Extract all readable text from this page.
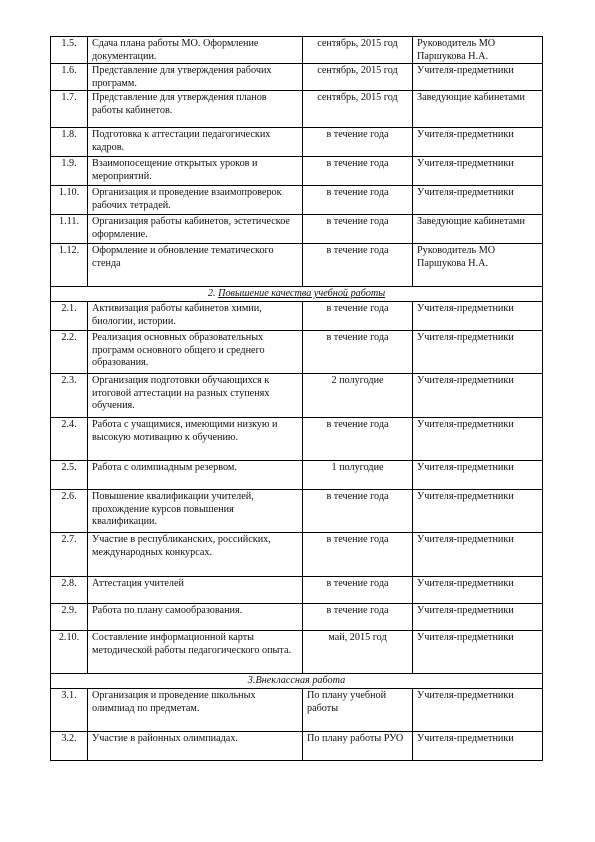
1.5.	Сдача плана работы МО. Оформление документации.	сентябрь, 2015 год	Руководитель МО Паршукова Н.А.
1.6.	Представление для утверждения рабочих программ.	сентябрь, 2015 год	Учителя-предметники
1.7.	Представление для утверждения планов работы кабинетов.	сентябрь, 2015 год	Заведующие кабинетами
1.8.	Подготовка к аттестации педагогических кадров.	в течение года	Учителя-предметники
1.9.	Взаимопосещение открытых уроков и мероприятий.	в течение года	Учителя-предметники
1.10.	Организация и проведение взаимопроверок рабочих тетрадей.	в течение года	Учителя-предметники
1.11.	Организация работы кабинетов, эстетическое оформление.	в течение года	Заведующие кабинетами
1.12.	Оформление и обновление тематического стенда	в течение года	Руководитель МО Паршукова Н.А.
2. Повышение качества учебной работы			
2.1.	Активизация работы кабинетов химии, биологии, истории.	в течение года	Учителя-предметники
2.2.	Реализация основных образовательных программ основного общего и среднего образования.	в течение года	Учителя-предметники
2.3.	Организация подготовки обучающихся к итоговой аттестации на разных ступенях обучения.	2 полугодие	Учителя-предметники
2.4.	Работа с учащимися, имеющими низкую и высокую мотивацию к обучению.	в течение года	Учителя-предметники
2.5.	Работа с олимпиадным резервом.	1 полугодие	Учителя-предметники
2.6.	Повышение квалификации учителей, прохождение курсов повышения квалификации.	в течение года	Учителя-предметники
2.7.	Участие в республиканских, российских, международных конкурсах.	в течение года	Учителя-предметники
2.8.	Аттестация учителей	в течение года	Учителя-предметники
2.9.	Работа по плану самообразования.	в течение года	Учителя-предметники
2.10.	Составление информационной карты методической работы педагогического опыта.	май, 2015 год	Учителя-предметники
3.Внеклассная работа			
3.1.	Организация и проведение школьных олимпиад по предметам.	По плану учебной работы	Учителя-предметники
3.2.	Участие в районных олимпиадах.	По плану работы РУО	Учителя-предметники
